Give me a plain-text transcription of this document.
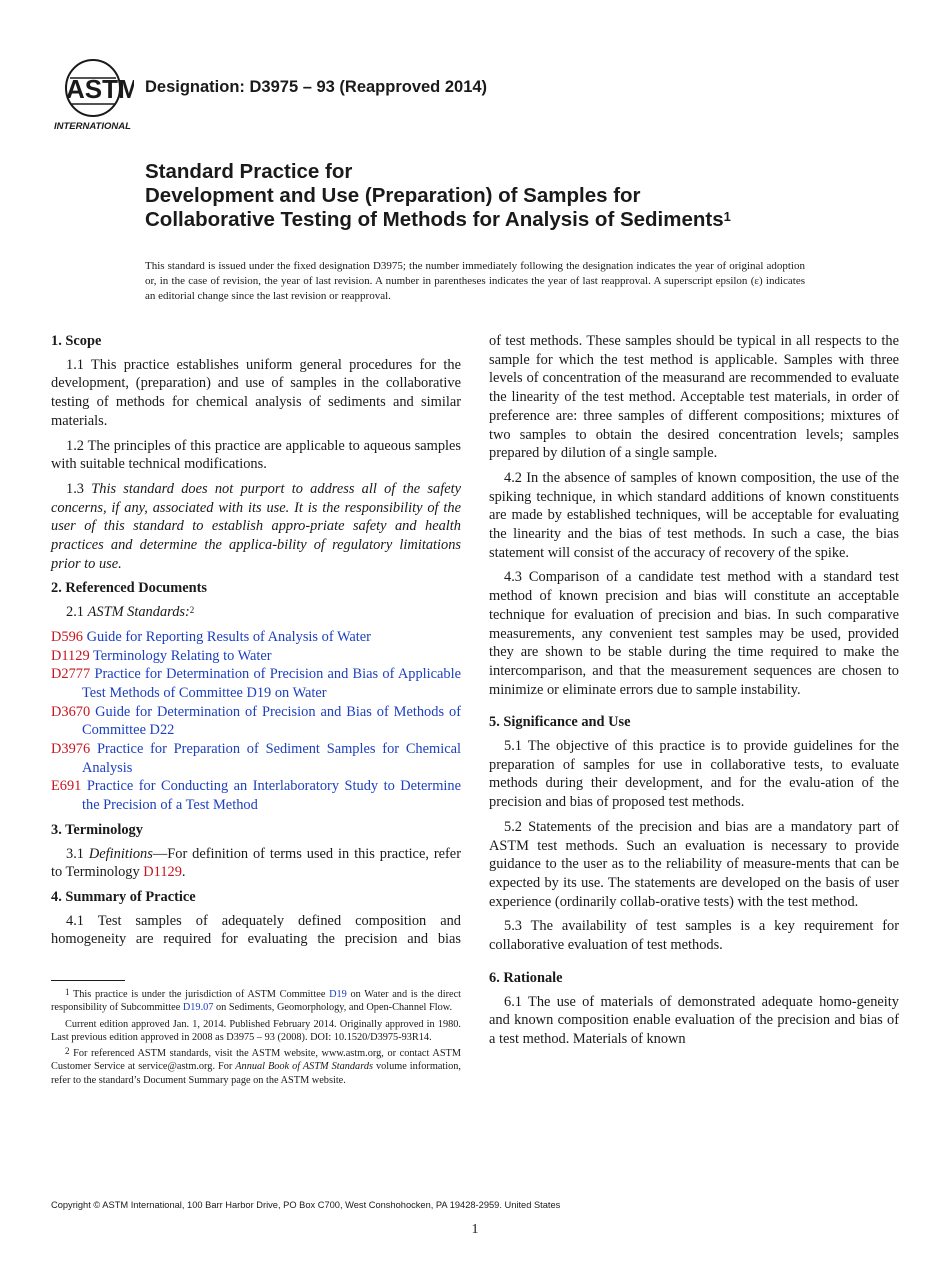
ASTM
INTERNATIONAL
Designation: D3975 – 93 (Reapproved 2014)
Standard Practice for
Development and Use (Preparation) of Samples for
Collaborative Testing of Methods for Analysis of Sediments$^1$
This standard is issued under the fixed designation D3975; the number immediately following the designation indicates the year of original adoption or, in the case of revision, the year of last revision. A number in parentheses indicates the year of last reapproval. A superscript epsilon (ε) indicates an editorial change since the last revision or reapproval.
1. Scope

1.1 This practice establishes uniform general procedures for the development, (preparation) and use of samples in the collaborative testing of methods for chemical analysis of sediments and similar materials.

1.2 The principles of this practice are applicable to aqueous samples with suitable technical modifications.

1.3 This standard does not purport to address all of the safety concerns, if any, associated with its use. It is the responsibility of the user of this standard to establish appro-priate safety and health practices and determine the applica-bility of regulatory limitations prior to use.

2. Referenced Documents

2.1 ASTM Standards:$^2$

D596 Guide for Reporting Results of Analysis of Water
D1129 Terminology Relating to Water
D2777 Practice for Determination of Precision and Bias of Applicable Test Methods of Committee D19 on Water
D3670 Guide for Determination of Precision and Bias of Methods of Committee D22
D3976 Practice for Preparation of Sediment Samples for Chemical Analysis
E691 Practice for Conducting an Interlaboratory Study to Determine the Precision of a Test Method
3. Terminology

3.1 Definitions—For definition of terms used in this practice, refer to Terminology D1129.

4. Summary of Practice

4.1 Test samples of adequately defined composition and homogeneity are required for evaluating the precision and bias

of test methods. These samples should be typical in all respects to the sample for which the test method is applicable. Samples with three levels of concentration of the measurand are recommended to evaluate the linearity of the test method. Acceptable test materials, in order of preference are: three samples of different compositions; mixtures of two samples to obtain the desired concentration levels; samples prepared by dilution of a single sample.

4.2 In the absence of samples of known composition, the use of the spiking technique, in which standard additions of known constituents are made by established techniques, will be acceptable for evaluating the linearity and the bias of test methods. In such a case, the bias statement will consist of the accuracy of recovery of the spike.

4.3 Comparison of a candidate test method with a standard test method of known precision and bias will constitute an acceptable technique for evaluation of precision and bias. In such comparative measurements, any convenient test samples may be used, provided they are shown to be stable during the time required to make the intercomparison, and that the measurement sequences are chosen to minimize or eliminate errors due to sample instability.

5. Significance and Use

5.1 The objective of this practice is to provide guidelines for the preparation of samples for use in collaborative tests, to evaluate methods during their development, and for the evalu-ation of the precision and bias of proposed test methods.

5.2 Statements of the precision and bias are a mandatory part of ASTM test methods. Such an evaluation is necessary to provide guidance to the user as to the reliability of measure-ments that can be expected by its use. The statements are developed on the basis of user experience (ordinarily collab-orative tests) with the test method.

5.3 The availability of test samples is a key requirement for collaborative evaluation of test methods.

6. Rationale

6.1 The use of materials of demonstrated adequate homo-geneity and known composition enable evaluation of the precision and bias of a test method. Materials of known

$^1$ This practice is under the jurisdiction of ASTM Committee D19 on Water and is the direct responsibility of Subcommittee D19.07 on Sediments, Geomorphology, and Open-Channel Flow.

Current edition approved Jan. 1, 2014. Published February 2014. Originally approved in 1980. Last previous edition approved in 2008 as D3975 – 93 (2008). DOI: 10.1520/D3975-93R14.

$^2$ For referenced ASTM standards, visit the ASTM website, www.astm.org, or contact ASTM Customer Service at service@astm.org. For Annual Book of ASTM Standards volume information, refer to the standard’s Document Summary page on the ASTM website.

Copyright © ASTM International, 100 Barr Harbor Drive, PO Box C700, West Conshohocken, PA 19428-2959. United States
1
